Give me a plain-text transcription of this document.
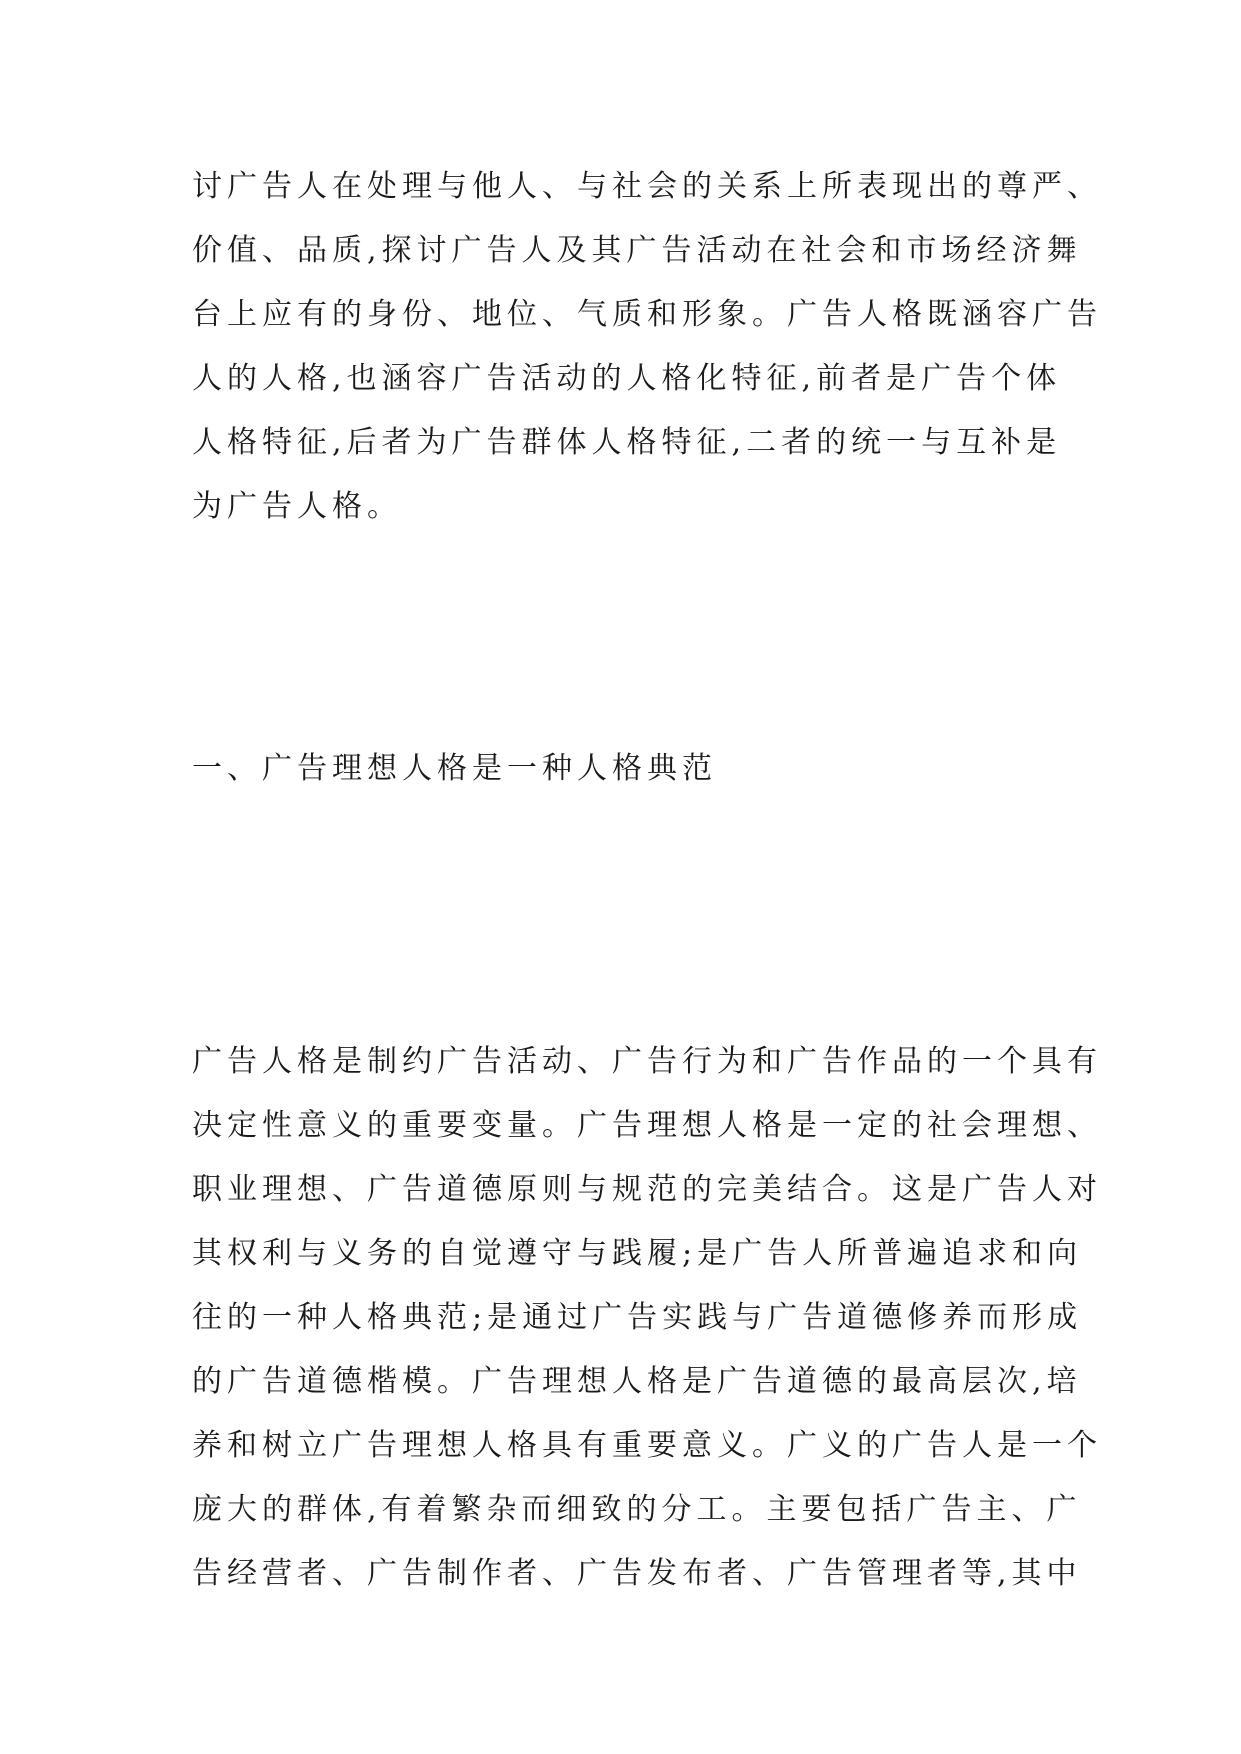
讨广告人在处理与他人、与社会的关系上所表现出的尊严、
价值、品质,探讨广告人及其广告活动在社会和市场经济舞
台上应有的身份、地位、气质和形象。广告人格既涵容广告
人的人格,也涵容广告活动的人格化特征,前者是广告个体
人格特征,后者为广告群体人格特征,二者的统一与互补是
为广告人格。
一、广告理想人格是一种人格典范
广告人格是制约广告活动、广告行为和广告作品的一个具有
决定性意义的重要变量。广告理想人格是一定的社会理想、
职业理想、广告道德原则与规范的完美结合。这是广告人对
其权利与义务的自觉遵守与践履;是广告人所普遍追求和向
往的一种人格典范;是通过广告实践与广告道德修养而形成
的广告道德楷模。广告理想人格是广告道德的最高层次,培
养和树立广告理想人格具有重要意义。广义的广告人是一个
庞大的群体,有着繁杂而细致的分工。主要包括广告主、广
告经营者、广告制作者、广告发布者、广告管理者等,其中
